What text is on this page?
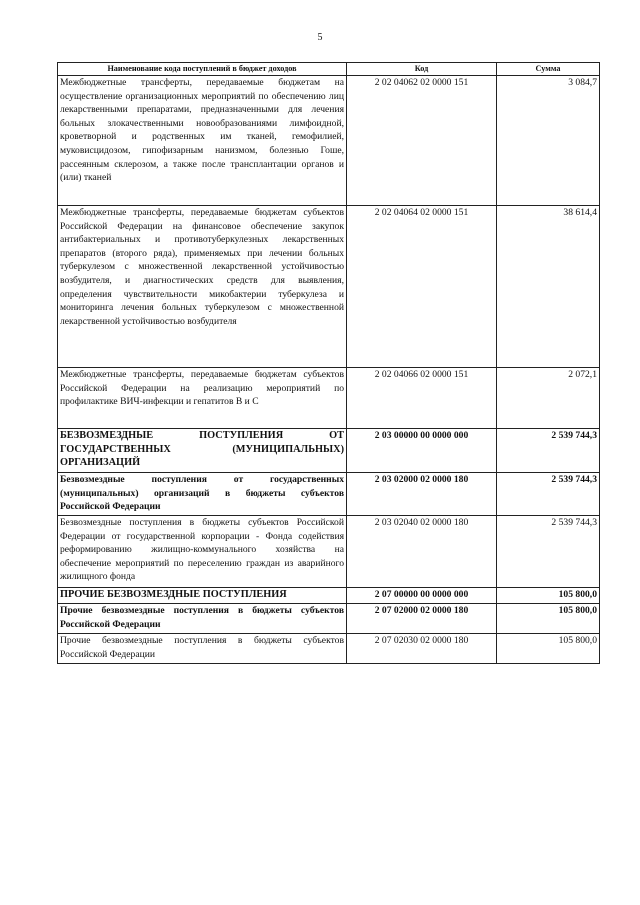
5
Наименование кода поступлений в бюджет доходов	Код	Сумма
Межбюджетные трансферты, передаваемые бюджетам на осуществление организационных мероприятий по обеспечению лиц лекарственными препаратами, предназначенными для лечения больных злокачественными новообразованиями лимфоидной, кроветворной и родственных им тканей, гемофилией, муковисцидозом, гипофизарным нанизмом, болезнью Гоше, рассеянным склерозом, а также после трансплантации органов и (или) тканей	2 02 04062 02 0000 151	3 084,7
Межбюджетные трансферты, передаваемые бюджетам субъектов Российской Федерации на финансовое обеспечение закупок антибактериальных и противотуберкулезных лекарственных препаратов (второго ряда), применяемых при лечении больных туберкулезом с множественной лекарственной устойчивостью возбудителя, и диагностических средств для выявления, определения чувствительности микобактерии туберкулеза и мониторинга лечения больных туберкулезом с множественной лекарственной устойчивостью возбудителя	2 02 04064 02 0000 151	38 614,4
Межбюджетные трансферты, передаваемые бюджетам субъектов Российской Федерации на реализацию мероприятий по профилактике ВИЧ-инфекции и гепатитов В и С	2 02 04066 02 0000 151	2 072,1
БЕЗВОЗМЕЗДНЫЕ ПОСТУПЛЕНИЯ ОТ ГОСУДАРСТВЕННЫХ (МУНИЦИПАЛЬНЫХ) ОРГАНИЗАЦИЙ	2 03 00000 00 0000 000	2 539 744,3
Безвозмездные поступления от государственных (муниципальных) организаций в бюджеты субъектов Российской Федерации	2 03 02000 02 0000 180	2 539 744,3
Безвозмездные поступления в бюджеты субъектов Российской Федерации от государственной корпорации - Фонда содействия реформированию жилищно-коммунального хозяйства на обеспечение мероприятий по переселению граждан из аварийного жилищного фонда	2 03 02040 02 0000 180	2 539 744,3
ПРОЧИЕ БЕЗВОЗМЕЗДНЫЕ ПОСТУПЛЕНИЯ	2 07 00000 00 0000 000	105 800,0
Прочие безвозмездные поступления в бюджеты субъектов Российской Федерации	2 07 02000 02 0000 180	105 800,0
Прочие безвозмездные поступления в бюджеты субъектов Российской Федерации	2 07 02030 02 0000 180	105 800,0
